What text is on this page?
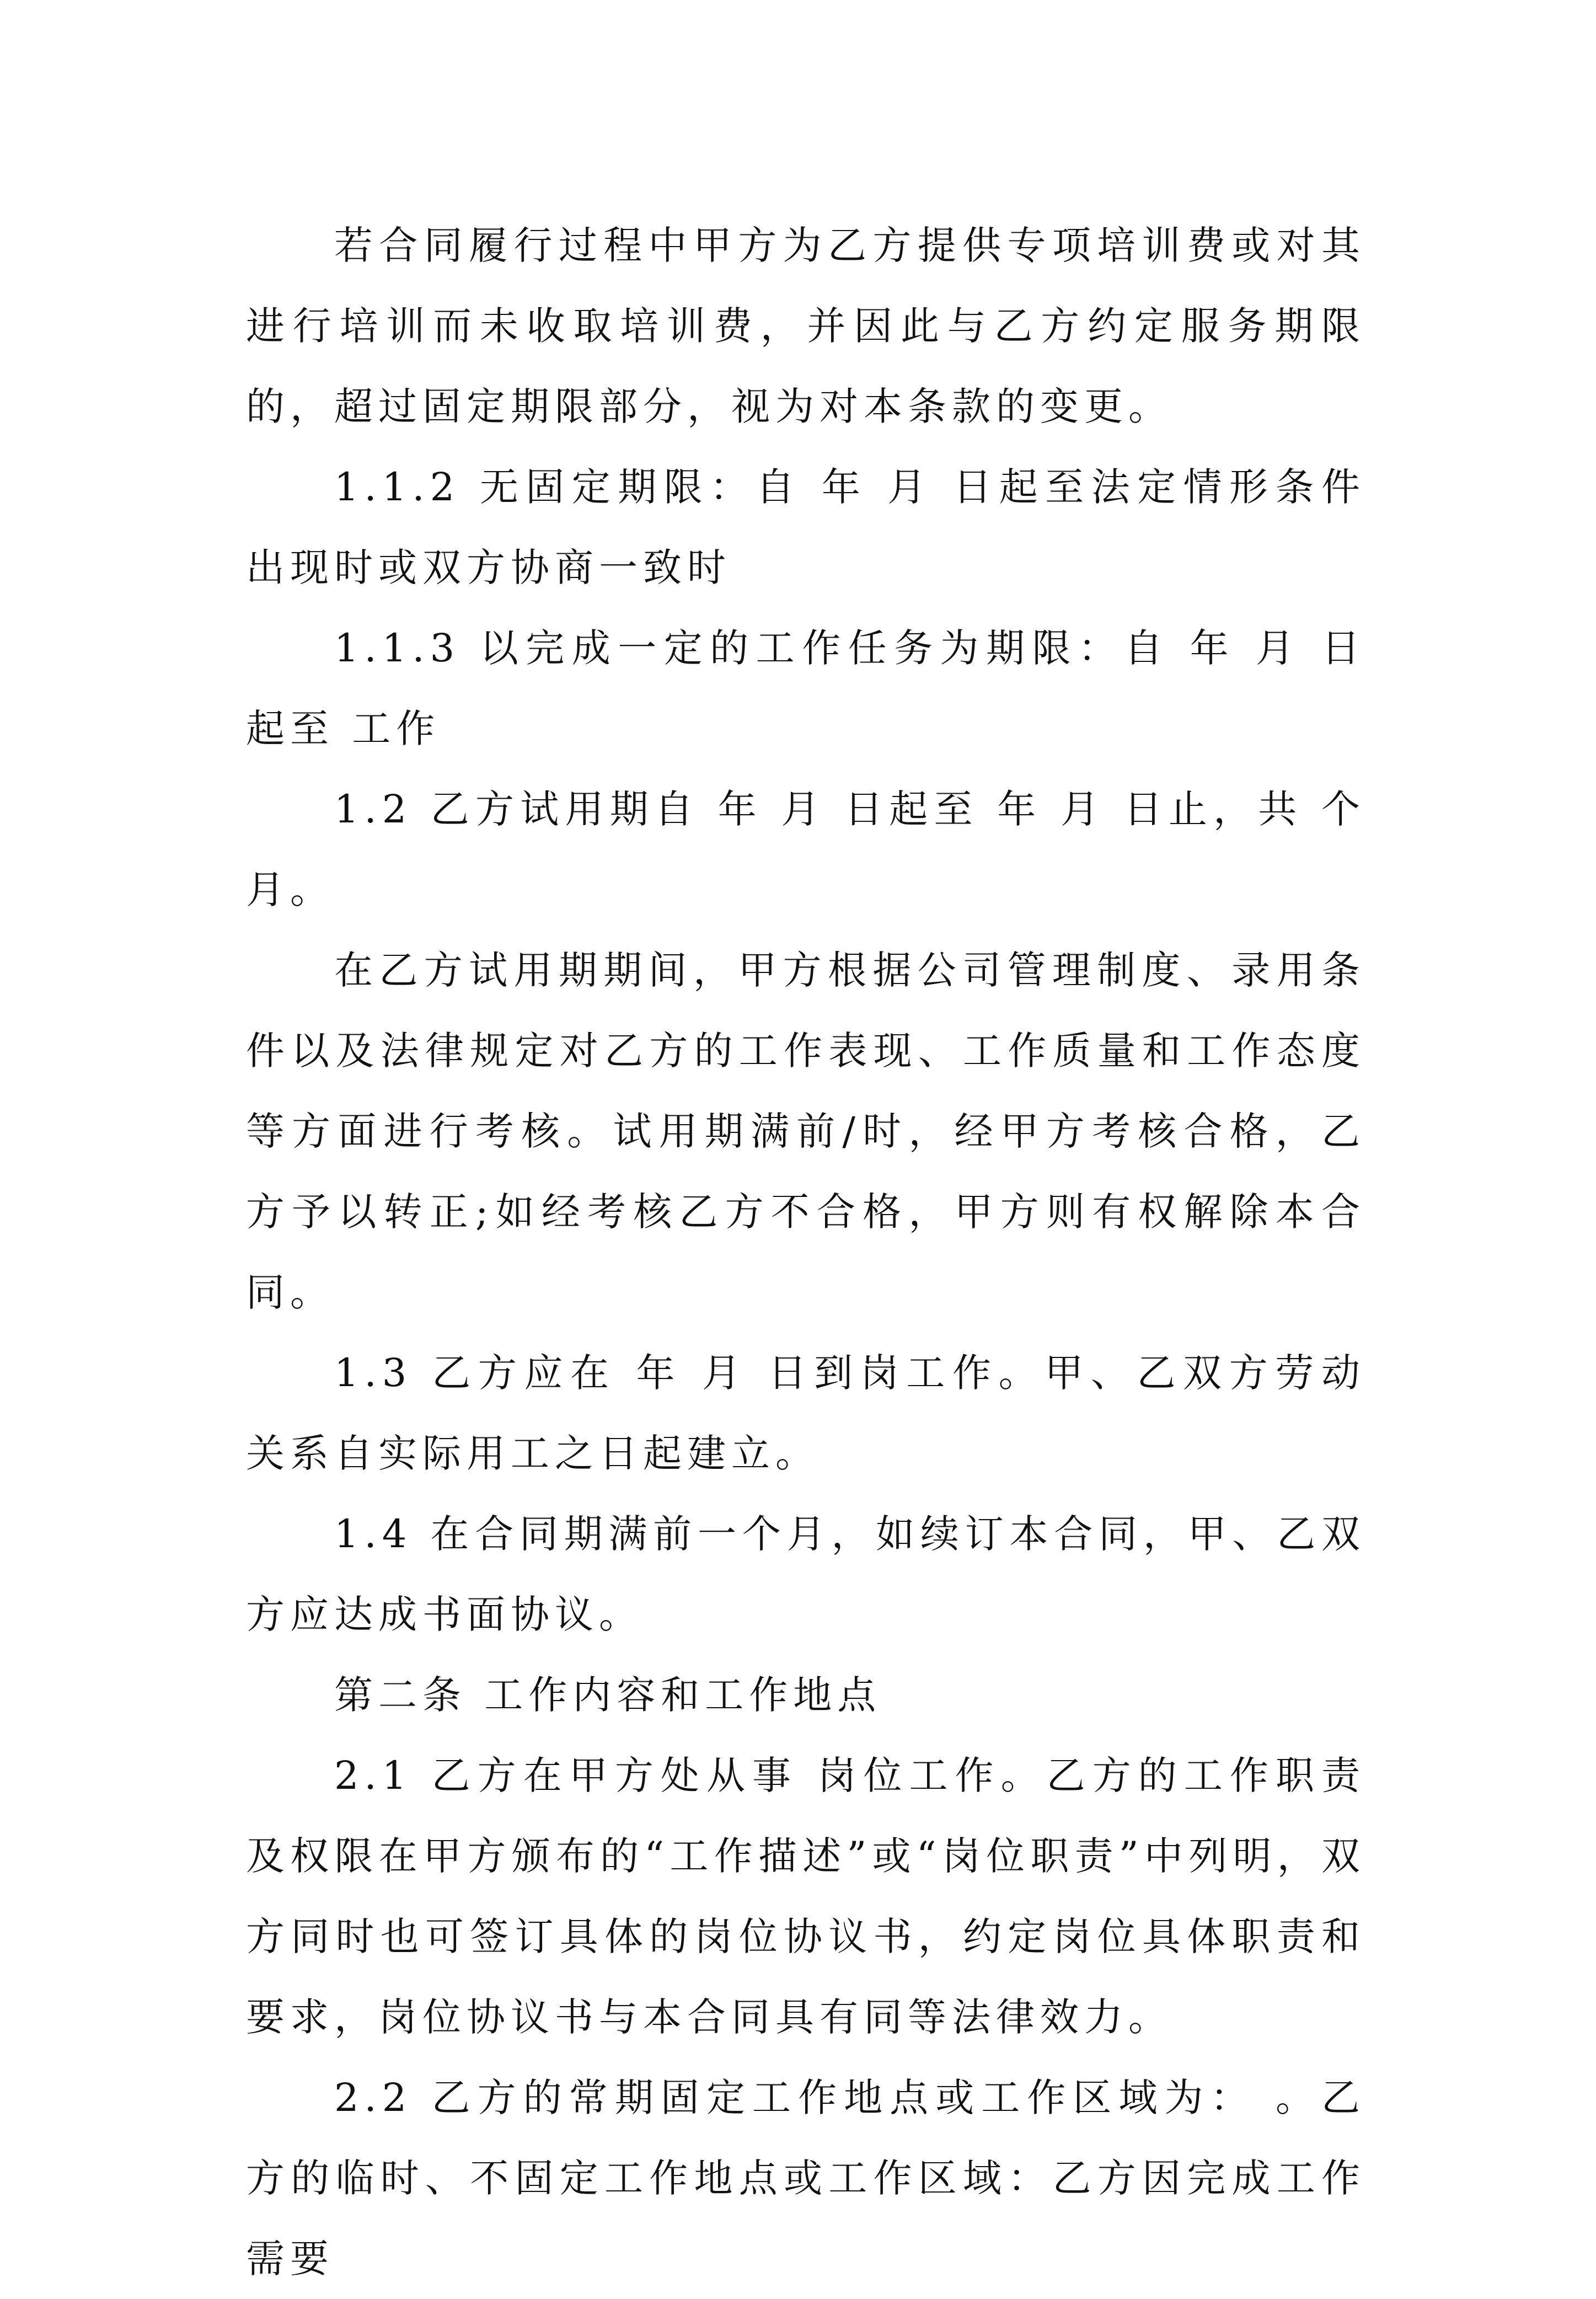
若合同履行过程中甲方为乙方提供专项培训费或对其进行培训而未收取培训费，并因此与乙方约定服务期限的，超过固定期限部分，视为对本条款的变更。

1.1.2 无固定期限：自 年 月 日起至法定情形条件出现时或双方协商一致时

1.1.3 以完成一定的工作任务为期限：自 年 月 日起至 工作

1.2 乙方试用期自 年 月 日起至 年 月 日止，共 个月。

在乙方试用期期间，甲方根据公司管理制度、录用条件以及法律规定对乙方的工作表现、工作质量和工作态度等方面进行考核。试用期满前/时，经甲方考核合格，乙方予以转正;如经考核乙方不合格，甲方则有权解除本合同。

1.3 乙方应在 年 月 日到岗工作。甲、乙双方劳动关系自实际用工之日起建立。

1.4 在合同期满前一个月，如续订本合同，甲、乙双方应达成书面协议。

第二条 工作内容和工作地点

2.1 乙方在甲方处从事 岗位工作。乙方的工作职责及权限在甲方颁布的“工作描述”或“岗位职责”中列明，双方同时也可签订具体的岗位协议书，约定岗位具体职责和要求，岗位协议书与本合同具有同等法律效力。

2.2 乙方的常期固定工作地点或工作区域为： 。乙方的临时、不固定工作地点或工作区域：乙方因完成工作需要
